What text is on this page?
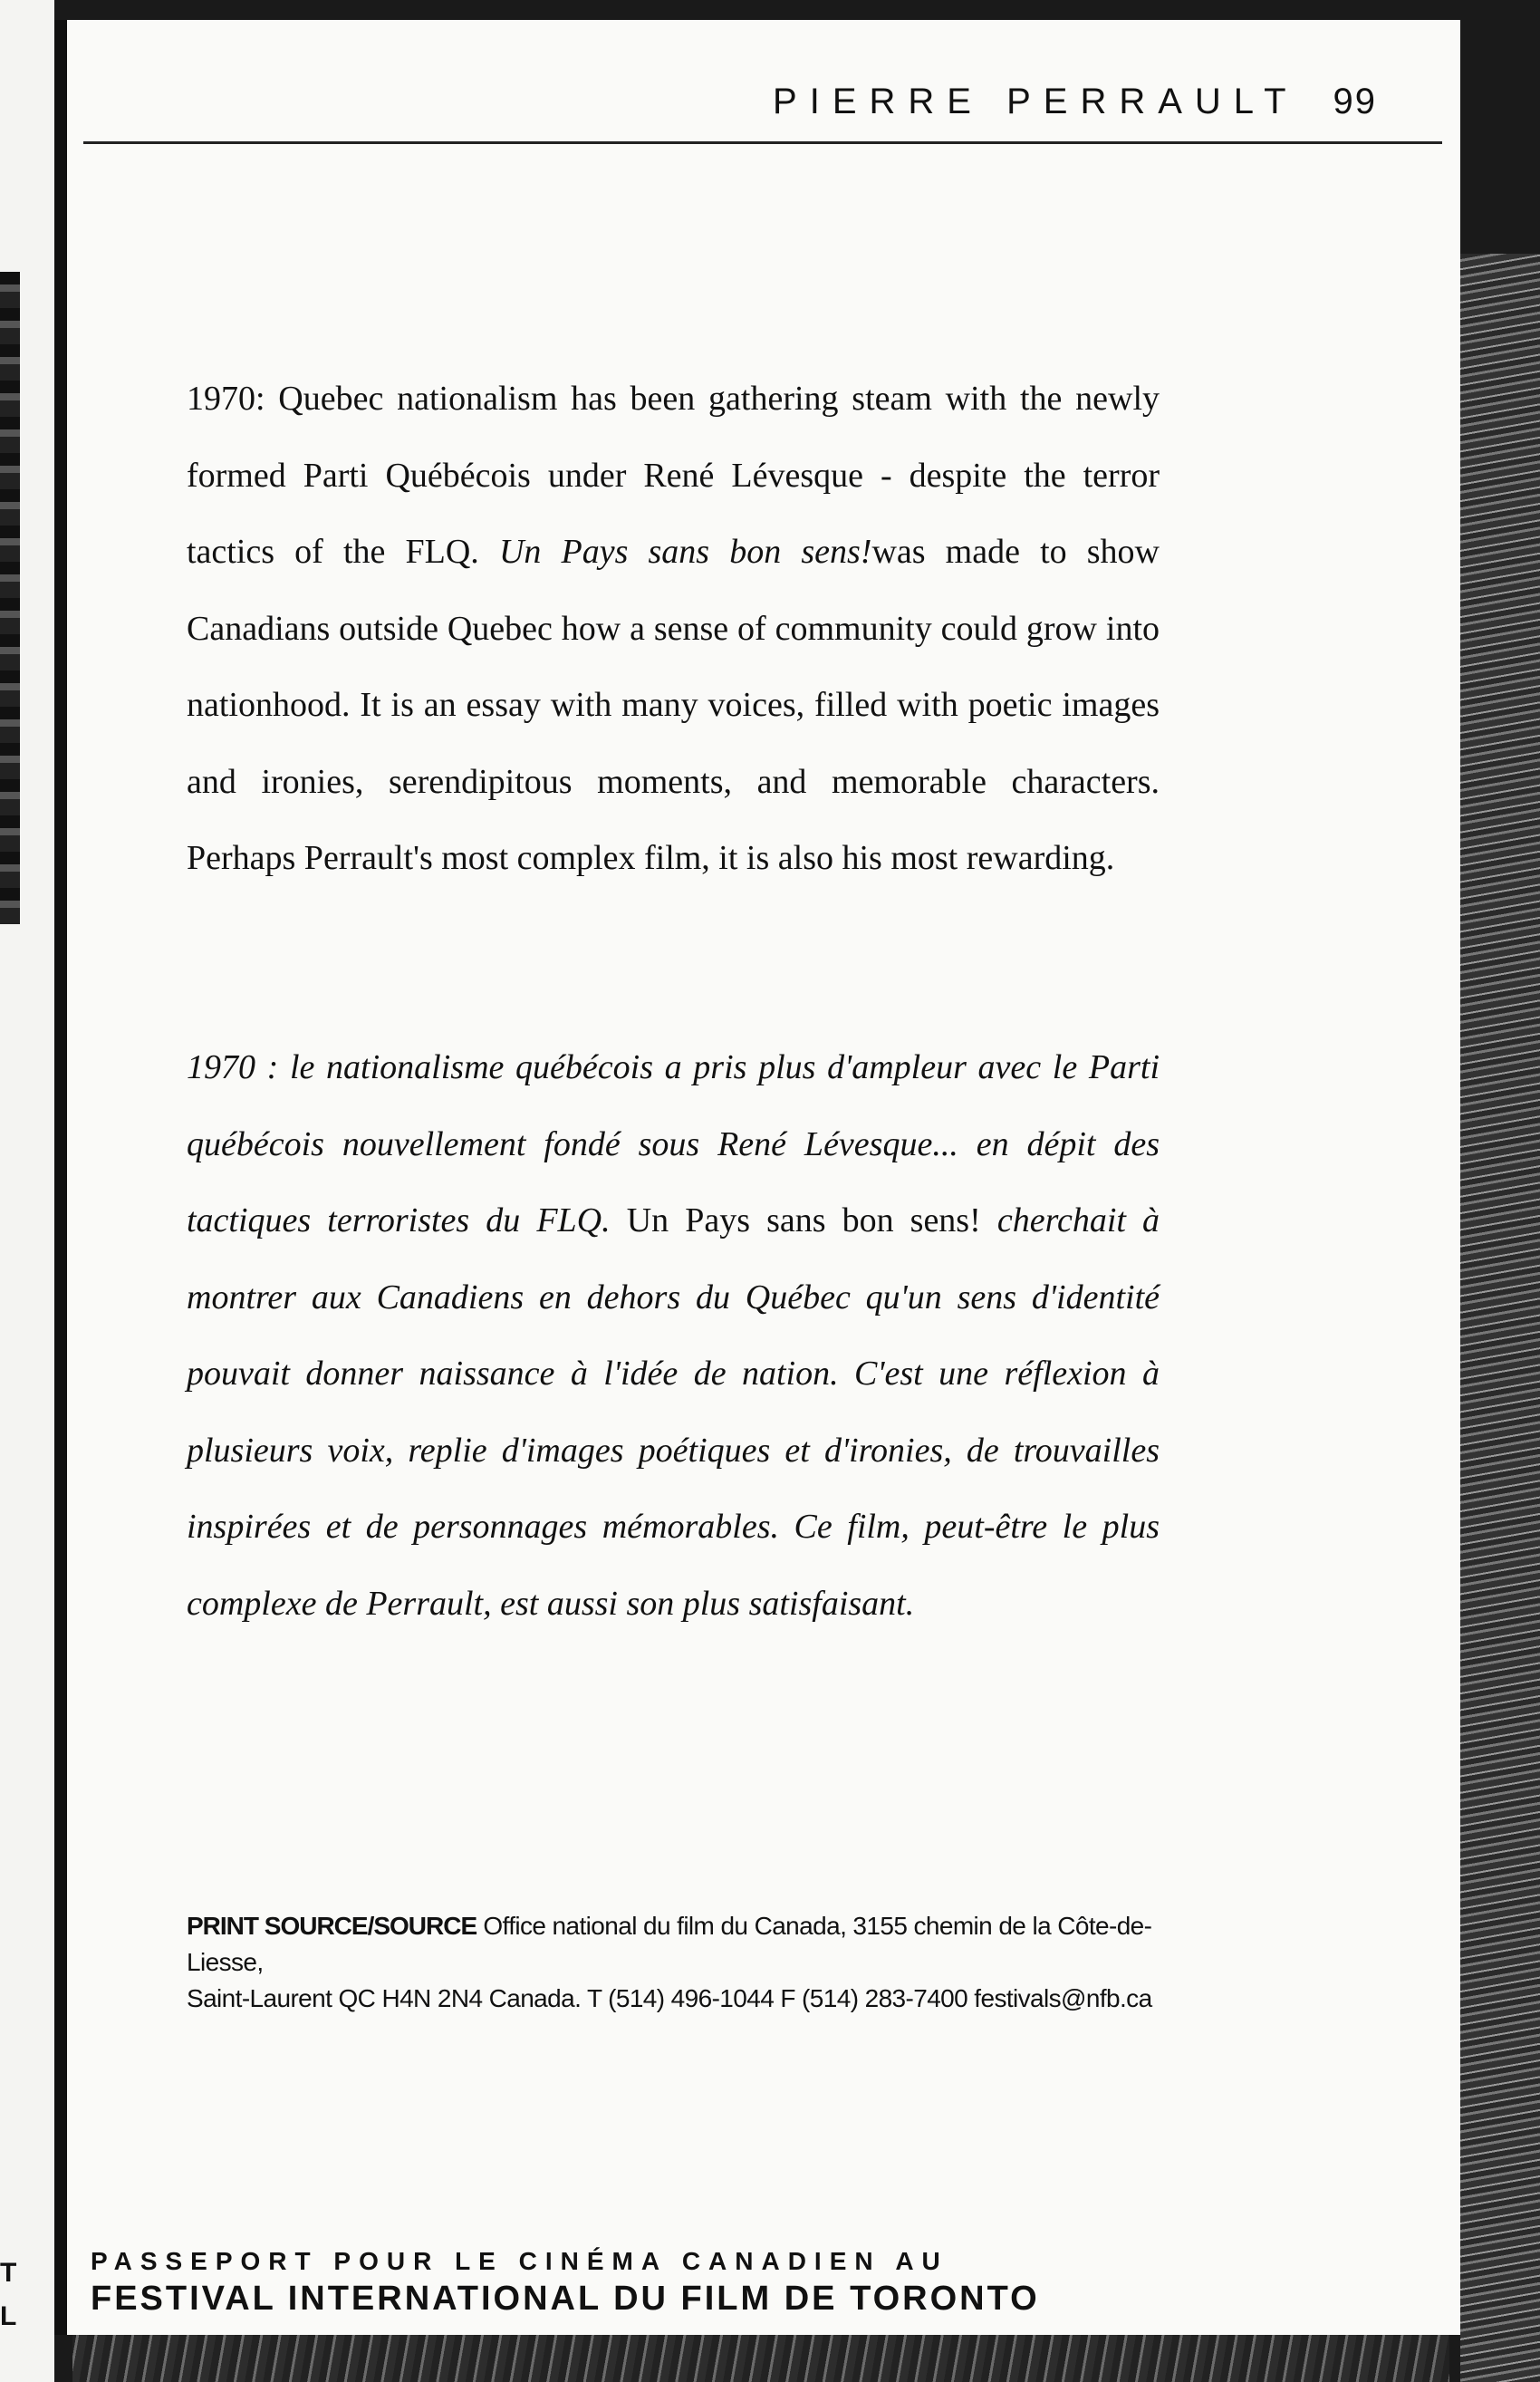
T
L
PIERRE PERRAULT 99

1970: Quebec nationalism has been gathering steam with the newly formed Parti Québécois under René Lévesque - despite the terror tactics of the FLQ. Un Pays sans bon sens!was made to show Canadians outside Quebec how a sense of community could grow into nationhood. It is an essay with many voices, filled with poetic images and ironies, serendipitous moments, and memorable characters. Perhaps Perrault's most complex film, it is also his most rewarding.

1970 : le nationalisme québécois a pris plus d'ampleur avec le Parti québécois nouvellement fondé sous René Lévesque... en dépit des tactiques terroristes du FLQ. Un Pays sans bon sens! cherchait à montrer aux Canadiens en dehors du Québec qu'un sens d'identité pouvait donner naissance à l'idée de nation. C'est une réflexion à plusieurs voix, replie d'images poétiques et d'ironies, de trouvailles inspirées et de personnages mémorables. Ce film, peut-être le plus complexe de Perrault, est aussi son plus satisfaisant.

PRINT SOURCE/SOURCE Office national du film du Canada, 3155 chemin de la Côte-de-Liesse,
Saint-Laurent QC H4N 2N4 Canada. T (514) 496-1044 F (514) 283-7400 festivals@nfb.ca
PASSEPORT POUR LE CINÉMA CANADIEN AU
FESTIVAL INTERNATIONAL DU FILM DE TORONTO
